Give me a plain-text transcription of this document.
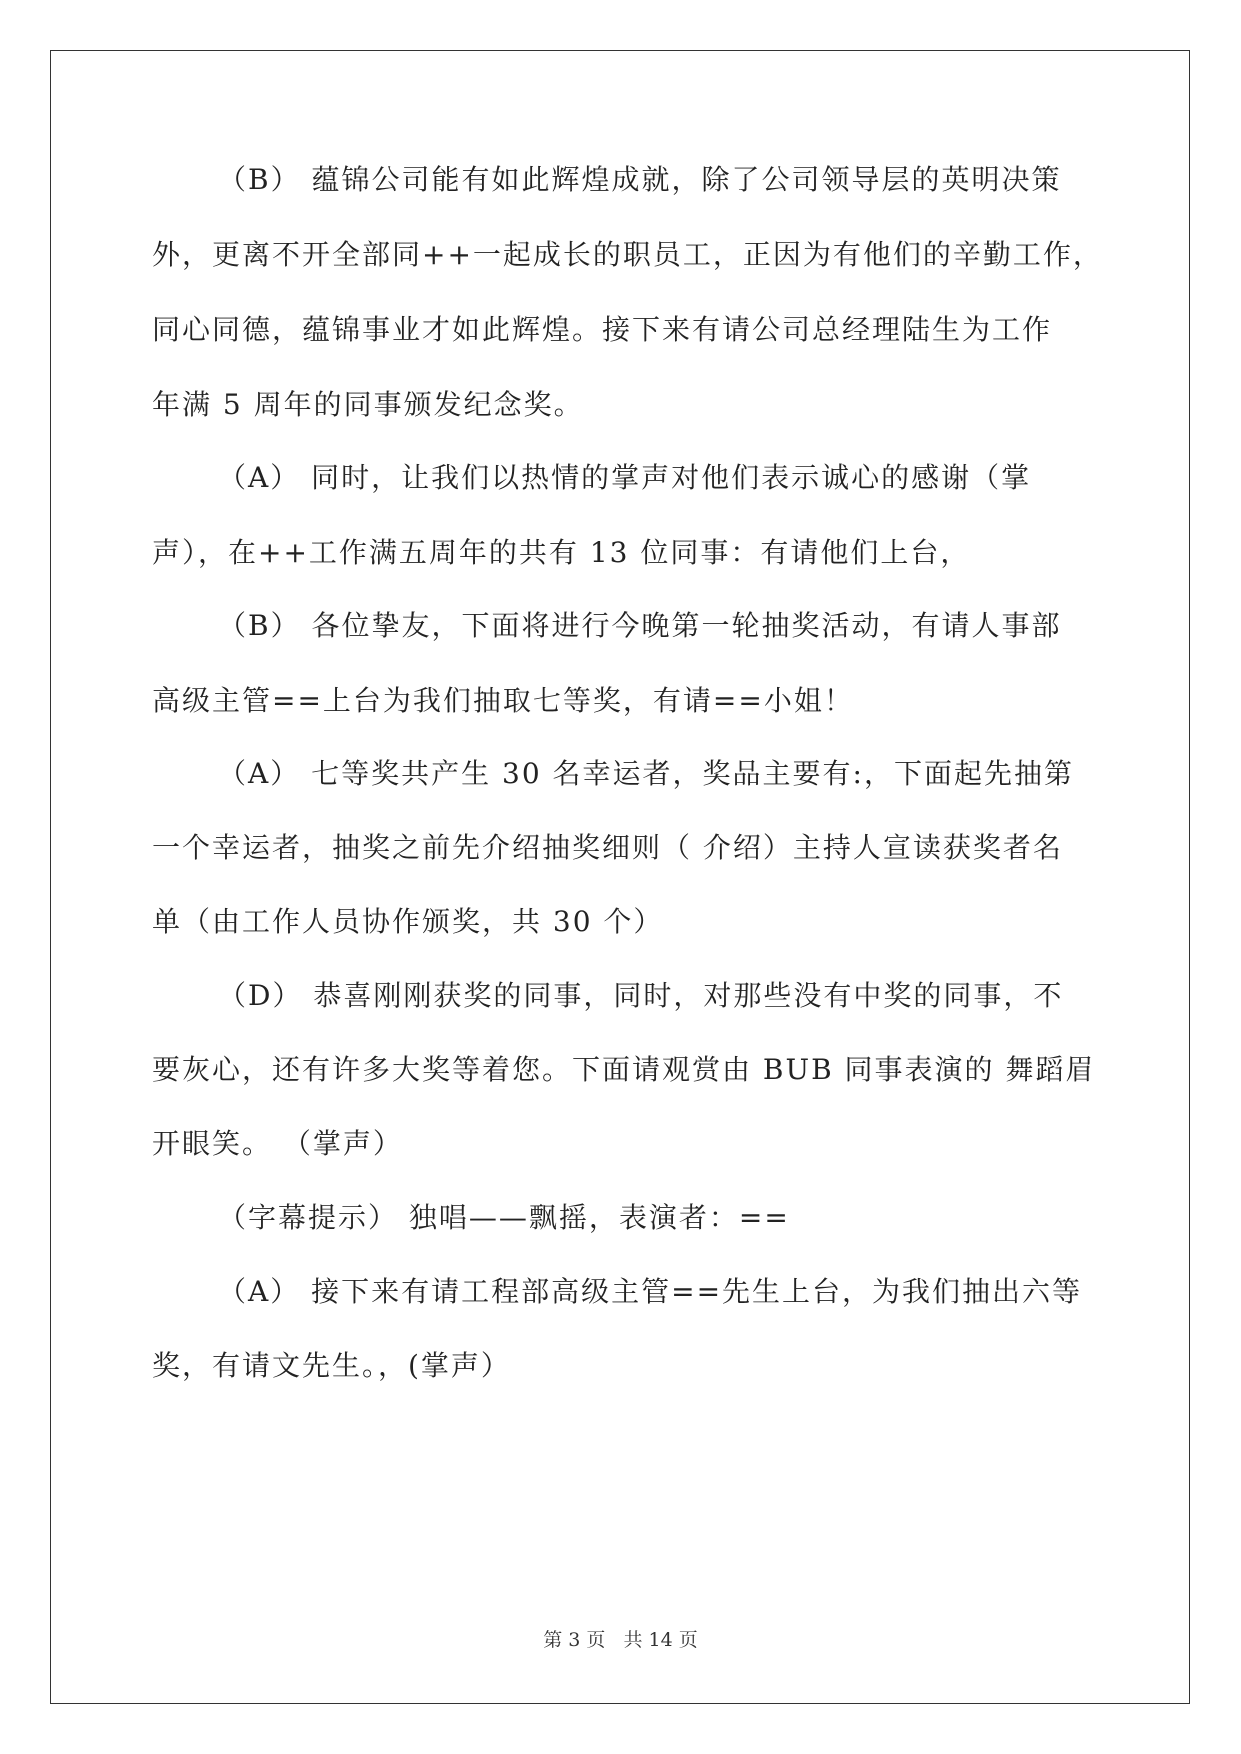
（B） 蕴锦公司能有如此辉煌成就，除了公司领导层的英明决策
外，更离不开全部同++一起成长的职员工，正因为有他们的辛勤工作，
同心同德，蕴锦事业才如此辉煌。接下来有请公司总经理陆生为工作
年满 5 周年的同事颁发纪念奖。
（A） 同时，让我们以热情的掌声对他们表示诚心的感谢（掌
声），在++工作满五周年的共有 13 位同事：有请他们上台，
（B） 各位挚友，下面将进行今晚第一轮抽奖活动，有请人事部
高级主管==上台为我们抽取七等奖，有请==小姐！
（A） 七等奖共产生 30 名幸运者，奖品主要有:，下面起先抽第
一个幸运者，抽奖之前先介绍抽奖细则（ 介绍）主持人宣读获奖者名
单（由工作人员协作颁奖，共 30 个）
（D） 恭喜刚刚获奖的同事，同时，对那些没有中奖的同事，不
要灰心，还有许多大奖等着您。下面请观赏由 BUB 同事表演的 舞蹈眉
开眼笑。 （掌声）
（字幕提示） 独唱——飘摇，表演者：==
（A） 接下来有请工程部高级主管==先生上台，为我们抽出六等
奖，有请文先生。，(掌声）
第 3 页 共 14 页
